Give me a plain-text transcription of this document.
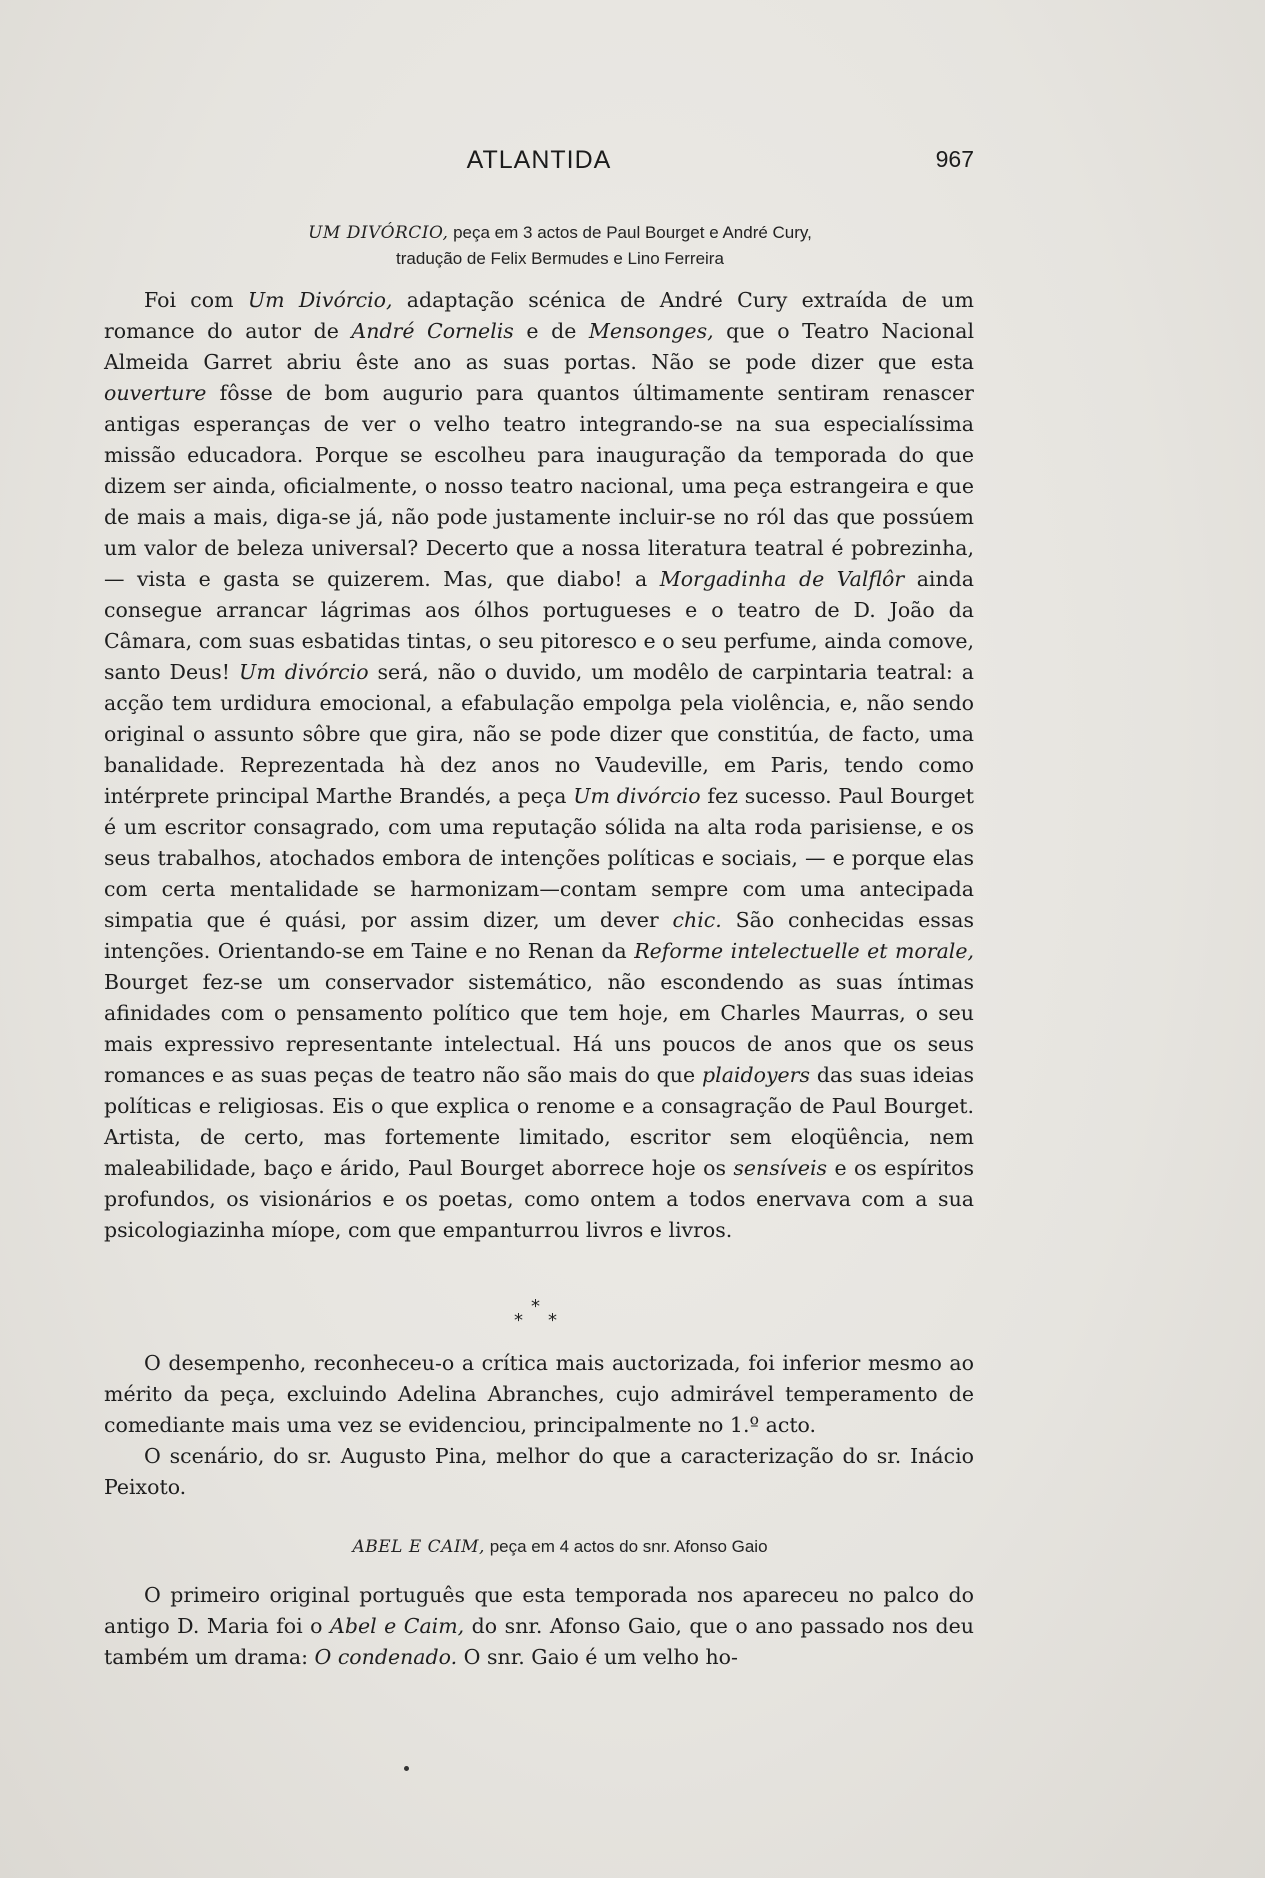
ATLANTIDA	967
UM DIVÓRCIO, peça em 3 actos de Paul Bourget e André Cury,
tradução de Felix Bermudes e Lino Ferreira

Foi com Um Divórcio, adaptação scénica de André Cury extraída de um romance do autor de André Cornelis e de Mensonges, que o Teatro Nacional Almeida Garret abriu êste ano as suas portas. Não se pode dizer que esta ouverture fôsse de bom augurio para quantos últimamente sentiram renascer antigas esperanças de ver o velho teatro integrando-se na sua especialíssima missão educadora. Porque se escolheu para inauguração da temporada do que dizem ser ainda, oficialmente, o nosso teatro nacional, uma peça estrangeira e que de mais a mais, diga-se já, não pode justamente incluir-se no ról das que possúem um valor de beleza universal? Decerto que a nossa literatura teatral é pobrezinha, — vista e gasta se quizerem. Mas, que diabo! a Morgadinha de Valflôr ainda consegue arrancar lágrimas aos ólhos portugueses e o teatro de D. João da Câmara, com suas esbatidas tintas, o seu pitoresco e o seu perfume, ainda comove, santo Deus! Um divórcio será, não o duvido, um modêlo de carpintaria teatral: a acção tem urdidura emocional, a efabulação empolga pela violência, e, não sendo original o assunto sôbre que gira, não se pode dizer que constitúa, de facto, uma banalidade. Reprezentada hà dez anos no Vaudeville, em Paris, tendo como intérprete principal Marthe Brandés, a peça Um divórcio fez sucesso. Paul Bourget é um escritor consagrado, com uma reputação sólida na alta roda parisiense, e os seus trabalhos, atochados embora de intenções políticas e sociais, — e porque elas com certa mentalidade se harmonizam—contam sempre com uma antecipada simpatia que é quási, por assim dizer, um dever chic. São conhecidas essas intenções. Orientando-se em Taine e no Renan da Reforme intelectuelle et morale, Bourget fez-se um conservador sistemático, não escondendo as suas íntimas afinidades com o pensamento político que tem hoje, em Charles Maurras, o seu mais expressivo representante intelectual. Há uns poucos de anos que os seus romances e as suas peças de teatro não são mais do que plaidoyers das suas ideias políticas e religiosas. Eis o que explica o renome e a consagração de Paul Bourget. Artista, de certo, mas fortemente limitado, escritor sem eloqüência, nem maleabilidade, baço e árido, Paul Bourget aborrece hoje os sensíveis e os espíritos profundos, os visionários e os poetas, como ontem a todos enervava com a sua psicologiazinha míope, com que empanturrou livros e livros.

*
*
*

O desempenho, reconheceu-o a crítica mais auctorizada, foi inferior mesmo ao mérito da peça, excluindo Adelina Abranches, cujo admirável temperamento de comediante mais uma vez se evidenciou, principalmente no 1.º acto.

O scenário, do sr. Augusto Pina, melhor do que a caracterização do sr. Inácio Peixoto.

ABEL E CAIM, peça em 4 actos do snr. Afonso Gaio

O primeiro original português que esta temporada nos apareceu no palco do antigo D. Maria foi o Abel e Caim, do snr. Afonso Gaio, que o ano passado nos deu também um drama: O condenado. O snr. Gaio é um velho ho-
